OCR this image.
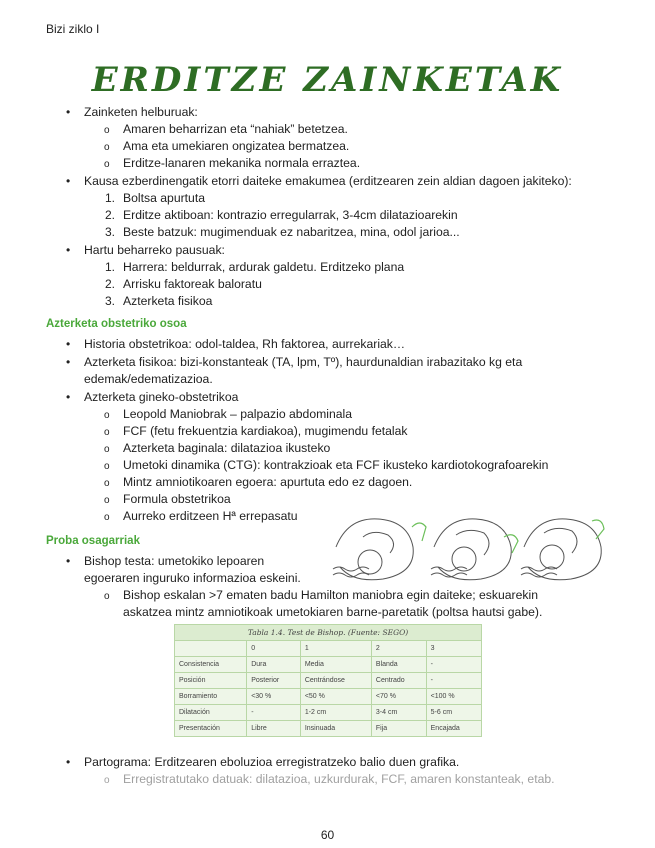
Bizi ziklo I
ERDITZE ZAINKETAK
• Zainketen helburuak:
o Amaren beharrizan eta “nahiak” betetzea.
o Ama eta umekiaren ongizatea bermatzea.
o Erditze-lanaren mekanika normala erraztea.
• Kausa ezberdinengatik etorri daiteke emakumea (erditzearen zein aldian dagoen jakiteko):
1. Boltsa apurtuta
2. Erditze aktiboan: kontrazio erregularrak, 3-4cm dilatazioarekin
3. Beste batzuk: mugimenduak ez nabaritzea, mina, odol jarioa...
• Hartu beharreko pausuak:
1. Harrera: beldurrak, ardurak galdetu. Erditzeko plana
2. Arrisku faktoreak baloratu
3. Azterketa fisikoa
Azterketa obstetriko osoa
• Historia obstetrikoa: odol-taldea, Rh faktorea, aurrekariak…
• Azterketa fisikoa: bizi-konstanteak (TA, lpm, Tº), haurdunaldian irabazitako kg eta
edemak/edematizazioa.
• Azterketa gineko-obstetrikoa
o Leopold Maniobrak – palpazio abdominala
o FCF (fetu frekuentzia kardiakoa), mugimendu fetalak
o Azterketa baginala: dilatazioa ikusteko
o Umetoki dinamika (CTG): kontrakzioak eta FCF ikusteko kardiotokografoarekin
o Mintz amniotikoaren egoera: apurtuta edo ez dagoen.
o Formula obstetrikoa
o Aurreko erditzeen Hª errepasatu
Proba osagarriak
• Bishop testa: umetokiko lepoaren
egoeraren inguruko informazioa eskeini.
o Bishop eskalan >7 ematen badu Hamilton maniobra egin daiteke; eskuarekin
askatzea mintz amniotikoak umetokiaren barne-paretatik (poltsa hautsi gabe).
Tabla 1.4. Test de Bishop. (Fuente: SEGO)
	0	1	2	3
Consistencia	Dura	Media	Blanda	-
Posición	Posterior	Centrándose	Centrado	-
Borramiento	<30 %	<50 %	<70 %	<100 %
Dilatación	-	1-2 cm	3-4 cm	5-6 cm
Presentación	Libre	Insinuada	Fija	Encajada
• Partograma: Erditzearen eboluzioa erregistratzeko balio duen grafika.
o Erregistratutako datuak: dilatazioa, uzkurdurak, FCF, amaren konstanteak, etab.
60
